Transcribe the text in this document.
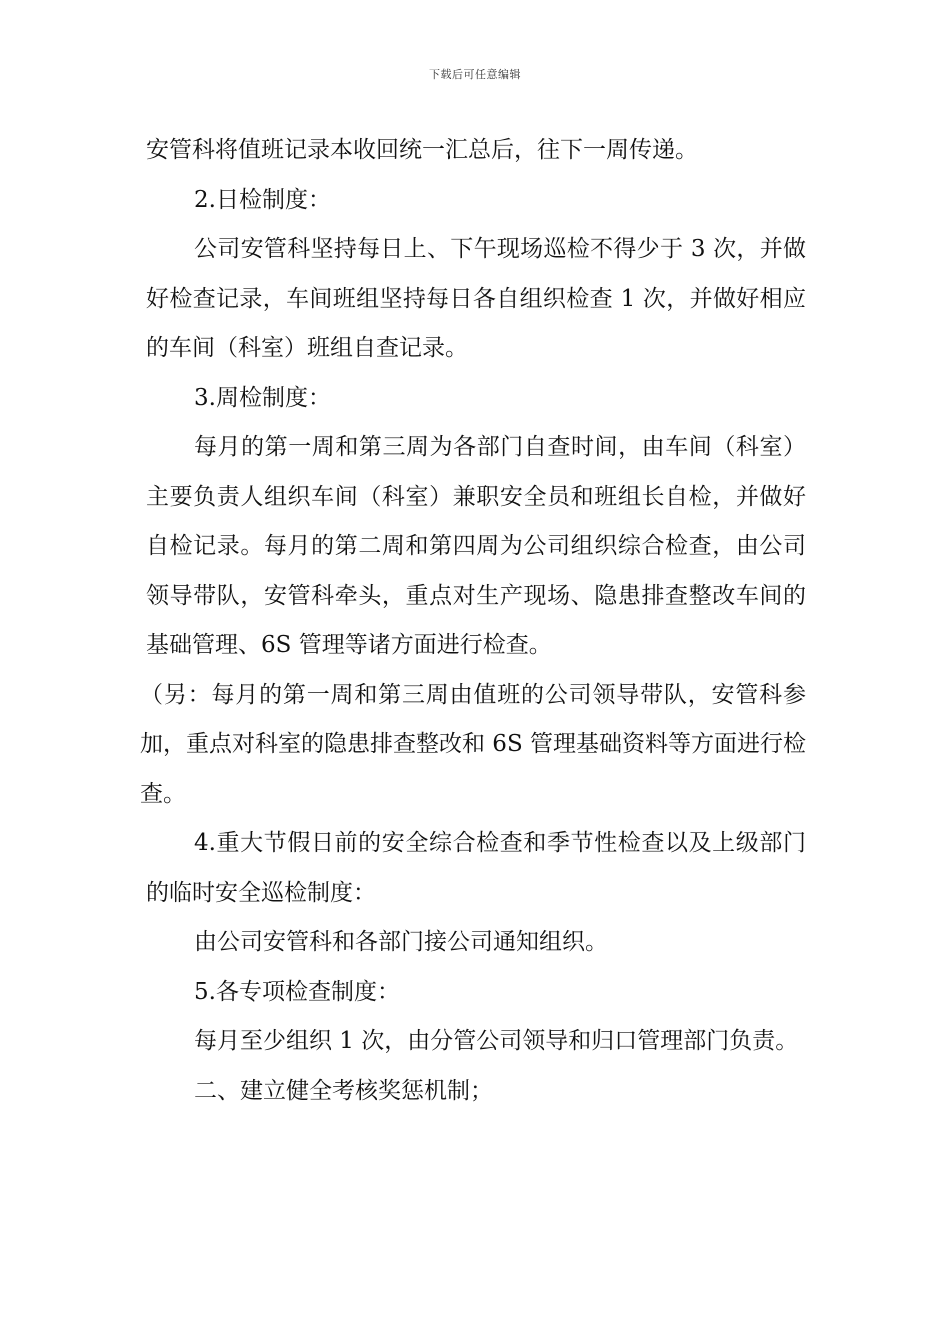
下载后可任意编辑

安管科将值班记录本收回统一汇总后，往下一周传递。

2.日检制度：

公司安管科坚持每日上、下午现场巡检不得少于 3 次，并做好检查记录，车间班组坚持每日各自组织检查 1 次，并做好相应的车间（科室）班组自查记录。

3.周检制度：

每月的第一周和第三周为各部门自查时间，由车间（科室）主要负责人组织车间（科室）兼职安全员和班组长自检，并做好自检记录。每月的第二周和第四周为公司组织综合检查，由公司领导带队，安管科牵头，重点对生产现场、隐患排查整改车间的基础管理、6S 管理等诸方面进行检查。

（另：每月的第一周和第三周由值班的公司领导带队，安管科参加，重点对科室的隐患排查整改和 6S 管理基础资料等方面进行检查。

4.重大节假日前的安全综合检查和季节性检查以及上级部门的临时安全巡检制度：

由公司安管科和各部门接公司通知组织。

5.各专项检查制度：

每月至少组织 1 次，由分管公司领导和归口管理部门负责。

二、建立健全考核奖惩机制；
